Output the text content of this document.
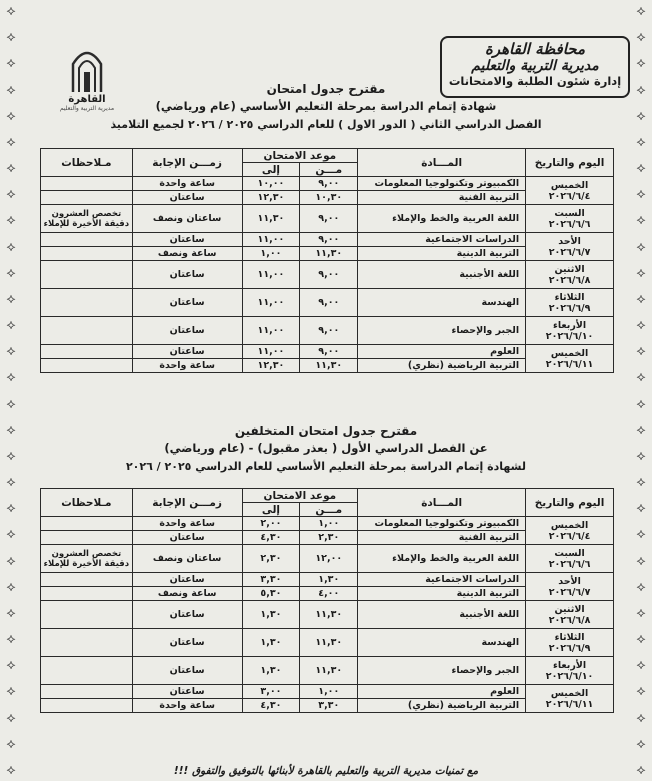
⟡
⟡
⟡
⟡
⟡
⟡
⟡
⟡
⟡
⟡
⟡
⟡
⟡
⟡
⟡
⟡
⟡
⟡
⟡
⟡
⟡
⟡
⟡
⟡
⟡
⟡
⟡
⟡
⟡
⟡
⟡
⟡
⟡
⟡
⟡
⟡
⟡
⟡
⟡
⟡
⟡
⟡
⟡
⟡
⟡
⟡
⟡
⟡
⟡
⟡
⟡
⟡
⟡
⟡
⟡
⟡
⟡
⟡
⟡
⟡
محافظة القاهرة
مديرية التربية والتعليم
إدارة شئون الطلبة والامتحانات
القاهرة
مديرية التربية والتعليم
مقترح جدول امتحان
شهادة إتمام الدراسة بمرحلة التعليم الأساسي (عام ورياضي)
الفصل الدراسي الثاني ( الدور الاول ) للعام الدراسي ٢٠٢٥ / ٢٠٢٦ لجميع التلاميذ
اليوم والتاريخ	المـــادة	موعد الامتحان		زمـــن الإجابة	مـلاحظات
		مـــن	إلى		

الخميس
٢٠٢٦/٦/٤	الكمبيوتر وتكنولوجيا المعلومات	٩,٠٠	١٠,٠٠	ساعة واحدة	
	التربية الفنية	١٠,٣٠	١٢,٣٠	ساعتان	

السبت
٢٠٢٦/٦/٦	اللغة العربية والخط والإملاء	٩,٠٠	١١,٣٠	ساعتان ونصف	تخصص العشرون دقيقة الأخيرة للإملاء

الأحد
٢٠٢٦/٦/٧	الدراسات الاجتماعية	٩,٠٠	١١,٠٠	ساعتان	
	التربية الدينية	١١,٣٠	١,٠٠	ساعة ونصف	

الاثنين
٢٠٢٦/٦/٨	اللغة الأجنبية	٩,٠٠	١١,٠٠	ساعتان	

الثلاثاء
٢٠٢٦/٦/٩	الهندسة	٩,٠٠	١١,٠٠	ساعتان	

الأربعاء
٢٠٢٦/٦/١٠	الجبر والإحصاء	٩,٠٠	١١,٠٠	ساعتان	

الخميس
٢٠٢٦/٦/١١	العلوم	٩,٠٠	١١,٠٠	ساعتان	
	التربية الرياضية (نظري)	١١,٣٠	١٢,٣٠	ساعة واحدة	
مقترح جدول امتحان المتخلفين
عن الفصل الدراسي الأول ( بعذر مقبول) - (عام ورياضي)
لشهادة إتمام الدراسة بمرحلة التعليم الأساسي للعام الدراسي ٢٠٢٥ / ٢٠٢٦
اليوم والتاريخ	المـــادة	موعد الامتحان		زمـــن الإجابة	مـلاحظات
		مـــن	إلى		

الخميس
٢٠٢٦/٦/٤	الكمبيوتر وتكنولوجيا المعلومات	١,٠٠	٢,٠٠	ساعة واحدة	
	التربية الفنية	٢,٣٠	٤,٣٠	ساعتان	

السبت
٢٠٢٦/٦/٦	اللغة العربية والخط والإملاء	١٢,٠٠	٢,٣٠	ساعتان ونصف	تخصص العشرون دقيقة الأخيرة للإملاء

الأحد
٢٠٢٦/٦/٧	الدراسات الاجتماعية	١,٣٠	٣,٣٠	ساعتان	
	التربية الدينية	٤,٠٠	٥,٣٠	ساعة ونصف	

الاثنين
٢٠٢٦/٦/٨	اللغة الأجنبية	١١,٣٠	١,٣٠	ساعتان	

الثلاثاء
٢٠٢٦/٦/٩	الهندسة	١١,٣٠	١,٣٠	ساعتان	

الأربعاء
٢٠٢٦/٦/١٠	الجبر والإحصاء	١١,٣٠	١,٣٠	ساعتان	

الخميس
٢٠٢٦/٦/١١	العلوم	١,٠٠	٣,٠٠	ساعتان	
	التربية الرياضية (نظري)	٣,٣٠	٤,٣٠	ساعة واحدة	
مع تمنيات مديرية التربية والتعليم بالقاهرة لأبنائها بالتوفيق والتفوق !!!
